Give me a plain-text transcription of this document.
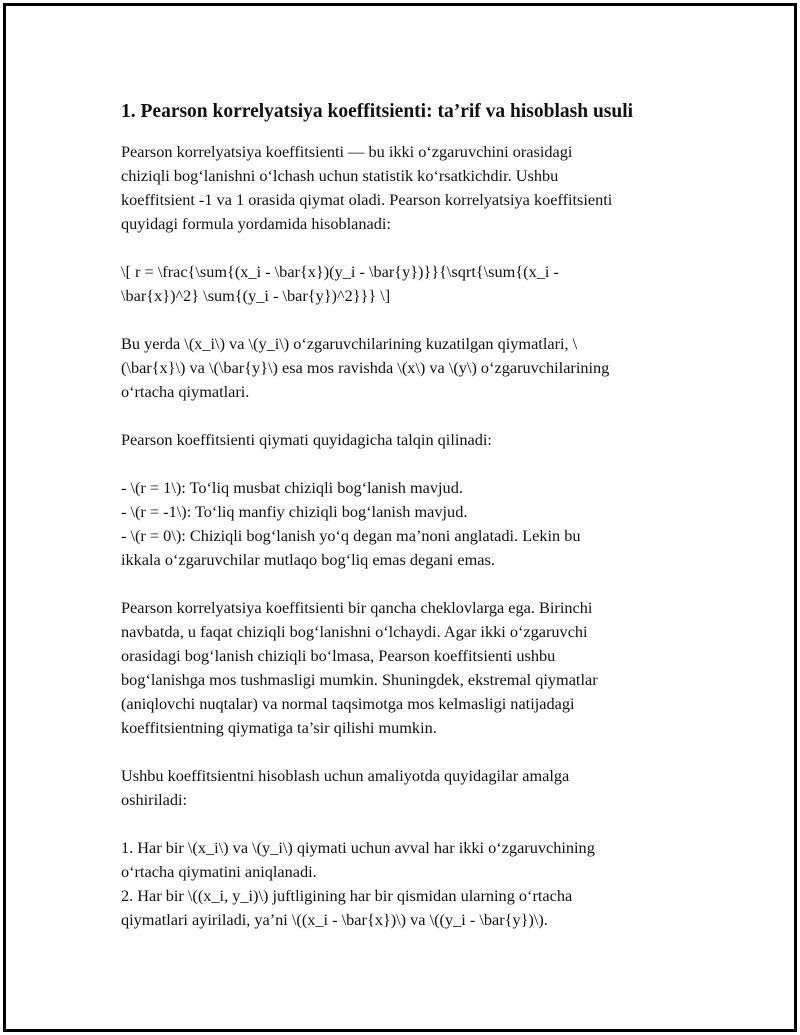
1. Pearson korrelyatsiya koeffitsienti: ta’rif va hisoblash usuli

Pearson korrelyatsiya koeffitsienti — bu ikki o‘zgaruvchini orasidagi
chiziqli bog‘lanishni o‘lchash uchun statistik ko‘rsatkichdir. Ushbu
koeffitsient -1 va 1 orasida qiymat oladi. Pearson korrelyatsiya koeffitsienti
quyidagi formula yordamida hisoblanadi:

\[ r = \frac{\sum{(x_i - \bar{x})(y_i - \bar{y})}}{\sqrt{\sum{(x_i -
\bar{x})^2} \sum{(y_i - \bar{y})^2}}} \]

Bu yerda \(x_i\) va \(y_i\) o‘zgaruvchilarining kuzatilgan qiymatlari, \
(\bar{x}\) va \(\bar{y}\) esa mos ravishda \(x\) va \(y\) o‘zgaruvchilarining
o‘rtacha qiymatlari.

Pearson koeffitsienti qiymati quyidagicha talqin qilinadi:

- \(r = 1\): To‘liq musbat chiziqli bog‘lanish mavjud.
- \(r = -1\): To‘liq manfiy chiziqli bog‘lanish mavjud.
- \(r = 0\): Chiziqli bog‘lanish yo‘q degan ma’noni anglatadi. Lekin bu
ikkala o‘zgaruvchilar mutlaqo bog‘liq emas degani emas.

Pearson korrelyatsiya koeffitsienti bir qancha cheklovlarga ega. Birinchi
navbatda, u faqat chiziqli bog‘lanishni o‘lchaydi. Agar ikki o‘zgaruvchi
orasidagi bog‘lanish chiziqli bo‘lmasa, Pearson koeffitsienti ushbu
bog‘lanishga mos tushmasligi mumkin. Shuningdek, ekstremal qiymatlar
(aniqlovchi nuqtalar) va normal taqsimotga mos kelmasligi natijadagi
koeffitsientning qiymatiga ta’sir qilishi mumkin.

Ushbu koeffitsientni hisoblash uchun amaliyotda quyidagilar amalga
oshiriladi:

1. Har bir \(x_i\) va \(y_i\) qiymati uchun avval har ikki o‘zgaruvchining
o‘rtacha qiymatini aniqlanadi.
2. Har bir \((x_i, y_i)\) juftligining har bir qismidan ularning o‘rtacha
qiymatlari ayiriladi, ya’ni \((x_i - \bar{x})\) va \((y_i - \bar{y})\).
